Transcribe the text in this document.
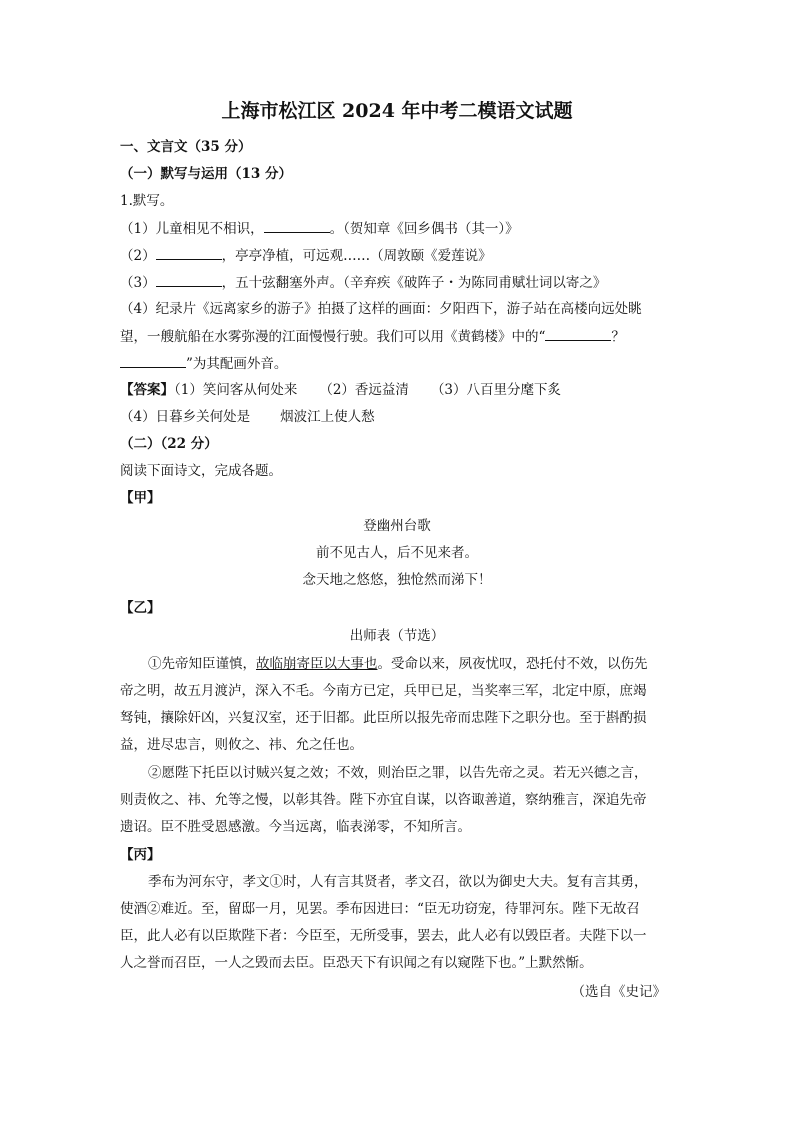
上海市松江区 2024 年中考二模语文试题
一、文言文（35 分）
（一）默写与运用（13 分）
1.默写。
（1）儿童相见不相识，	。（贺知章《回乡偶书（其一）》
（2）	，亭亭净植，可远观……（周敦颐《爱莲说》
（3）	，五十弦翻塞外声。（辛弃疾《破阵子・为陈同甫赋壮词以寄之》
（4）纪录片《远离家乡的游子》拍摄了这样的画面：夕阳西下，游子站在高楼向远处眺
望，一艘航船在水雾弥漫的江面慢慢行驶。我们可以用《黄鹤楼》中的“	？
”为其配画外音。
【答案】（1）笑问客从何处来 （2）香远益清 （3）八百里分麾下炙
（4）日暮乡关何处是 烟波江上使人愁
（二）（22 分）
阅读下面诗文，完成各题。
【甲】
登幽州台歌
前不见古人，后不见来者。
念天地之悠悠，独怆然而涕下！
【乙】
出师表（节选）
①先帝知臣谨慎，故临崩寄臣以大事也。受命以来，夙夜忧叹，恐托付不效，以伤先
帝之明，故五月渡泸，深入不毛。今南方已定，兵甲已足，当奖率三军，北定中原，庶竭
驽钝，攘除奸凶，兴复汉室，还于旧都。此臣所以报先帝而忠陛下之职分也。至于斟酌损
益，进尽忠言，则攸之、祎、允之任也。
②愿陛下托臣以讨贼兴复之效；不效，则治臣之罪，以告先帝之灵。若无兴德之言，
则责攸之、祎、允等之慢，以彰其咎。陛下亦宜自谋，以咨诹善道，察纳雅言，深追先帝
遗诏。臣不胜受恩感激。今当远离，临表涕零，不知所言。
【丙】
季布为河东守，孝文①时，人有言其贤者，孝文召，欲以为御史大夫。复有言其勇，
使酒②难近。至，留邸一月，见罢。季布因进曰：“臣无功窃宠，待罪河东。陛下无故召
臣，此人必有以臣欺陛下者：今臣至，无所受事，罢去，此人必有以毁臣者。夫陛下以一
人之誉而召臣，一人之毁而去臣。臣恐天下有识闻之有以窥陛下也。”上默然惭。
（选自《史记》
